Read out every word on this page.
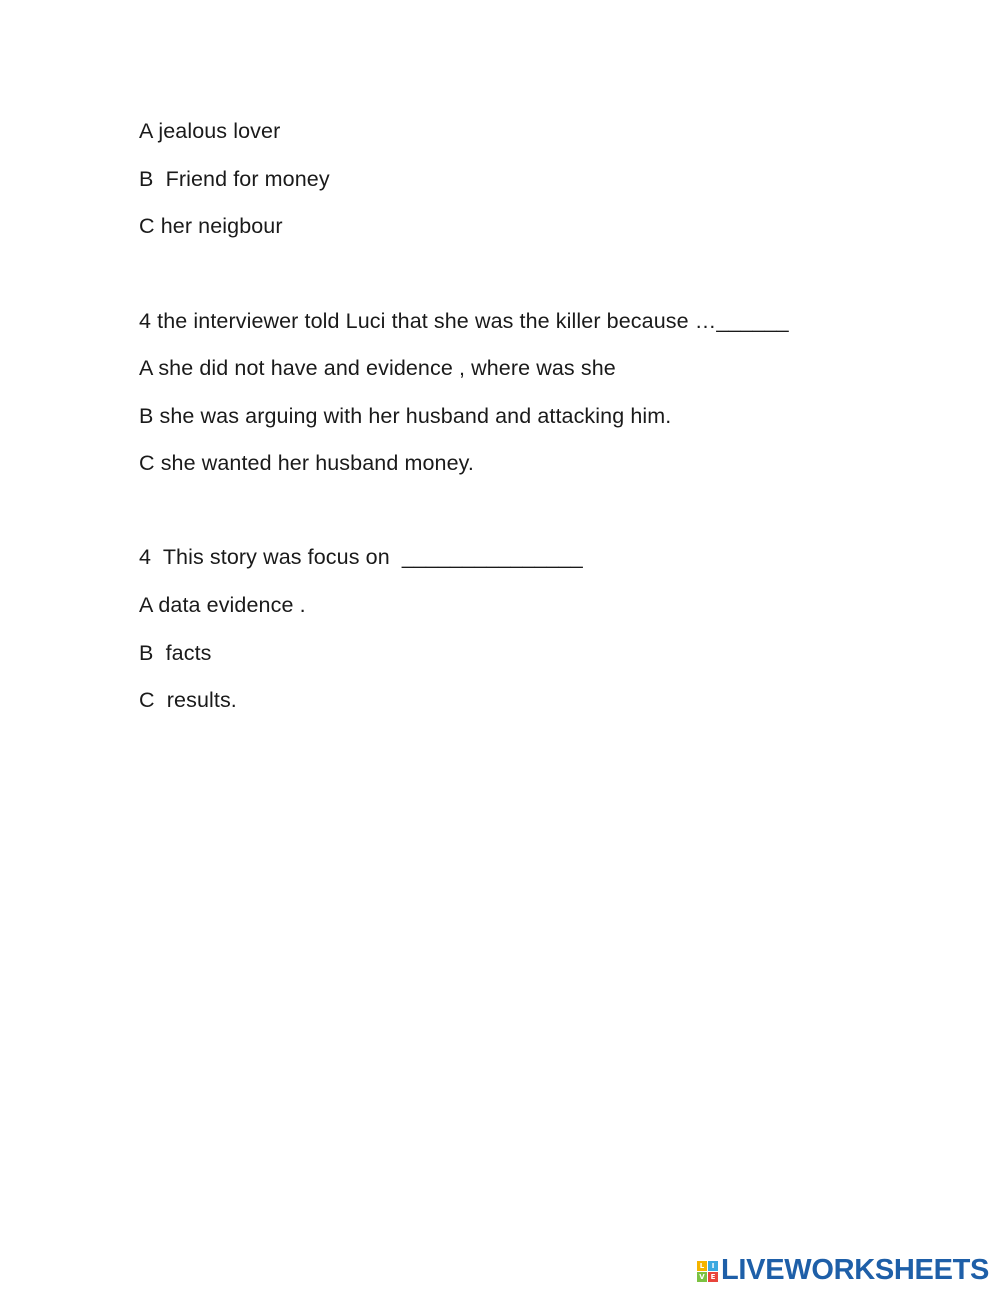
A jealous lover
B  Friend for money
C her neigbour
4 the interviewer told Luci that she was the killer because …______
A she did not have and evidence , where was she
B she was arguing with her husband and attacking him.
C she wanted her husband money.
4  This story was focus on  _______________
A data evidence .
B  facts
C  results.
L	I
V E LIVEWORKSHEETS
